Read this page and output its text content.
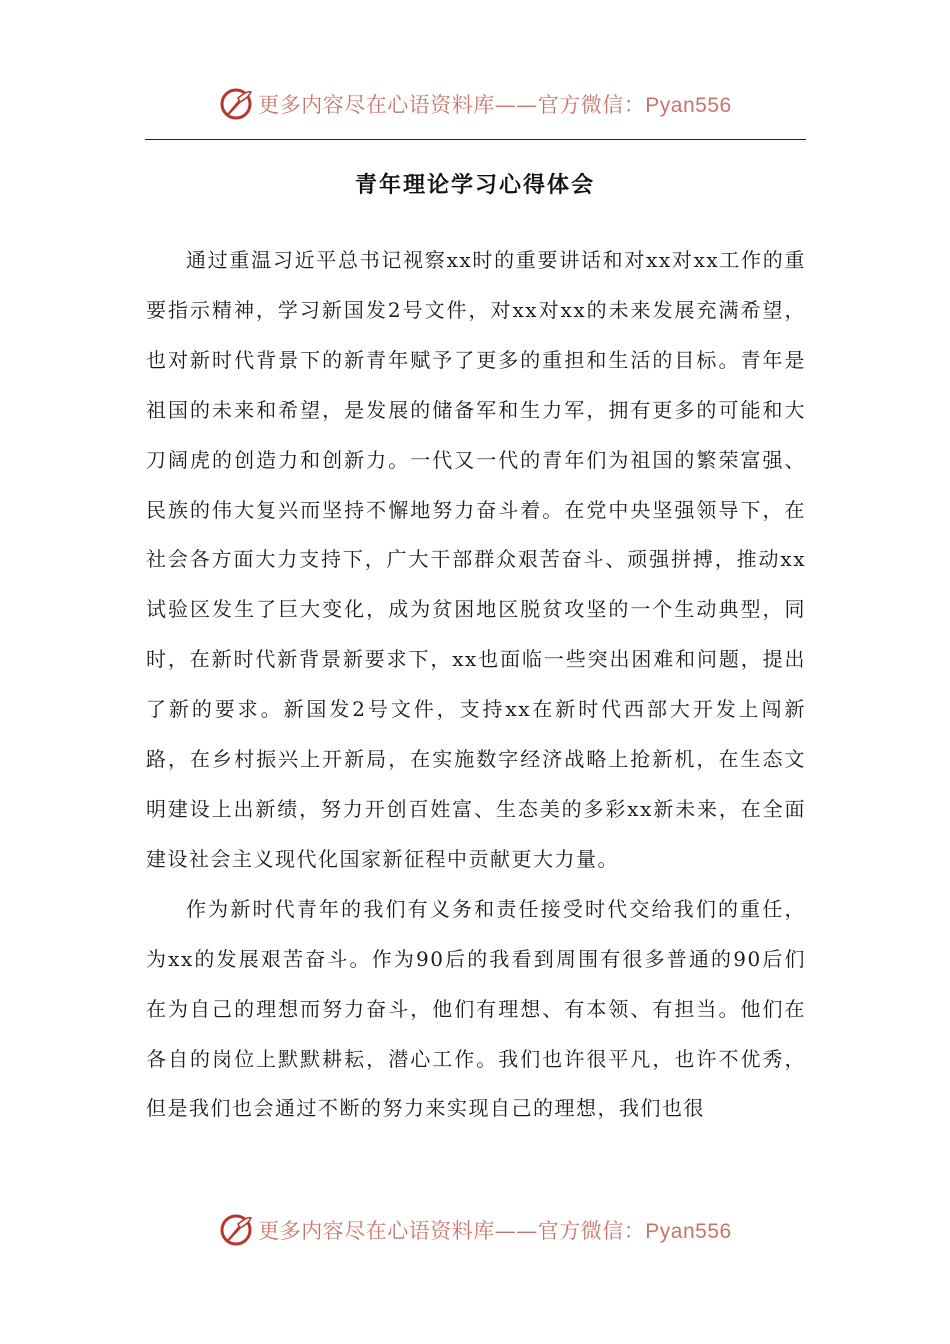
更多内容尽在心语资料库——官方微信：Pyan556
青年理论学习心得体会

通过重温习近平总书记视察xx时的重要讲话和对xx对xx工作的重要指示精神，学习新国发2号文件，对xx对xx的未来发展充满希望，也对新时代背景下的新青年赋予了更多的重担和生活的目标。青年是祖国的未来和希望，是发展的储备军和生力军，拥有更多的可能和大刀阔虎的创造力和创新力。一代又一代的青年们为祖国的繁荣富强、民族的伟大复兴而坚持不懈地努力奋斗着。在党中央坚强领导下，在社会各方面大力支持下，广大干部群众艰苦奋斗、顽强拼搏，推动xx试验区发生了巨大变化，成为贫困地区脱贫攻坚的一个生动典型，同时，在新时代新背景新要求下，xx也面临一些突出困难和问题，提出了新的要求。新国发2号文件，支持xx在新时代西部大开发上闯新路，在乡村振兴上开新局，在实施数字经济战略上抢新机，在生态文明建设上出新绩，努力开创百姓富、生态美的多彩xx新未来，在全面建设社会主义现代化国家新征程中贡献更大力量。

作为新时代青年的我们有义务和责任接受时代交给我们的重任，为xx的发展艰苦奋斗。作为90后的我看到周围有很多普通的90后们在为自己的理想而努力奋斗，他们有理想、有本领、有担当。他们在各自的岗位上默默耕耘，潜心工作。我们也许很平凡，也许不优秀，但是我们也会通过不断的努力来实现自己的理想，我们也很

更多内容尽在心语资料库——官方微信：Pyan556
